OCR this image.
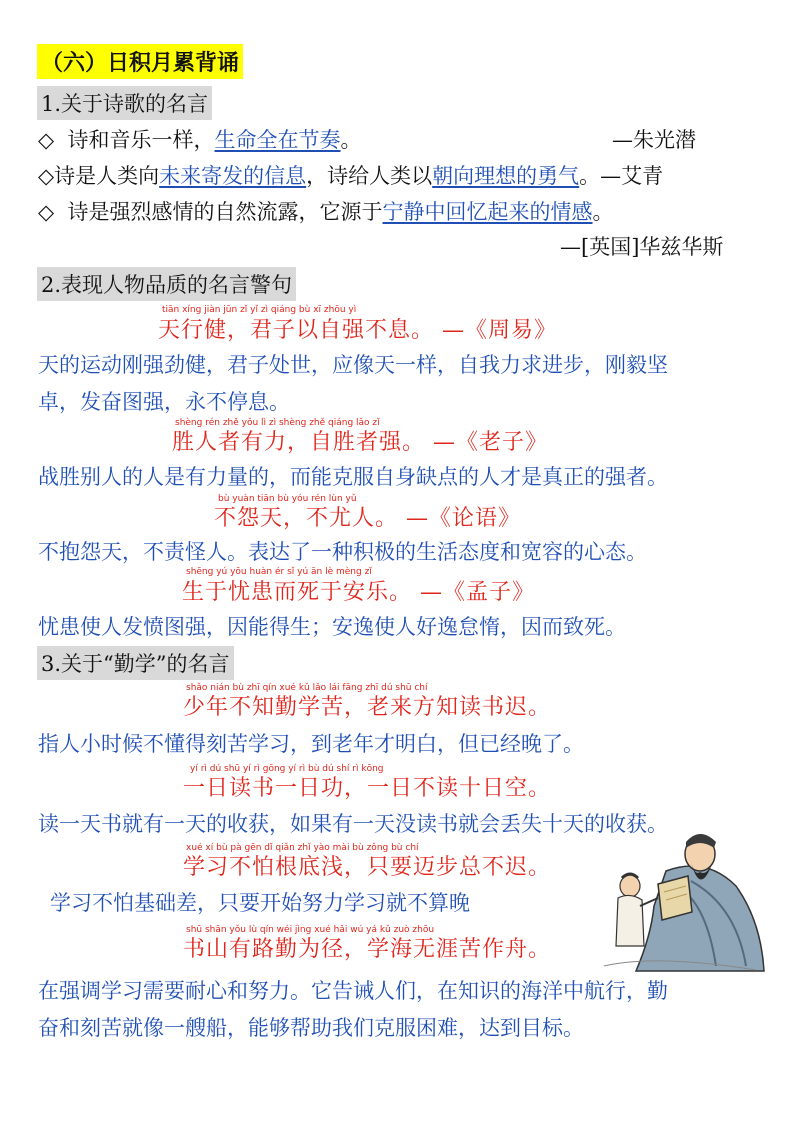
（六）日积月累背诵
1.关于诗歌的名言
◇ 诗和音乐一样，生命全在节奏。	—朱光潜
◇诗是人类向未来寄发的信息，诗给人类以朝向理想的勇气。—艾青
◇ 诗是强烈感情的自然流露，它源于宁静中回忆起来的情感。
—[英国]华兹华斯
2.表现人物品质的名言警句
tiān xíng jiàn jūn zǐ yǐ zì qiáng bù xī zhōu yì
天行健，君子以自强不息。 —《周易》
天的运动刚强劲健，君子处世，应像天一样，自我力求进步，刚毅坚
卓，发奋图强，永不停息。
shèng rén zhě yǒu lì zì shèng zhě qiáng lǎo zǐ
胜人者有力，自胜者强。 —《老子》
战胜别人的人是有力量的，而能克服自身缺点的人才是真正的强者。
bù yuàn tiān bù yóu rén lùn yǔ
不怨天，不尤人。 —《论语》
不抱怨天，不责怪人。表达了一种积极的生活态度和宽容的心态。
shēng yú yōu huàn ér sǐ yú ān lè mèng zǐ
生于忧患而死于安乐。 —《孟子》
忧患使人发愤图强，因能得生；安逸使人好逸怠惰，因而致死。
3.关于“勤学”的名言
shǎo nián bù zhī qín xué kǔ lǎo lái fāng zhī dú shū chí
少年不知勤学苦，老来方知读书迟。
指人小时候不懂得刻苦学习，到老年才明白，但已经晚了。
yí rì dú shū yí rì gōng yí rì bù dú shí rì kōng
一日读书一日功，一日不读十日空。
读一天书就有一天的收获，如果有一天没读书就会丢失十天的收获。
xué xí bù pà gēn dǐ qiǎn zhǐ yào mài bù zǒng bù chí
学习不怕根底浅，只要迈步总不迟。
学习不怕基础差，只要开始努力学习就不算晚
shū shān yǒu lù qín wéi jìng xué hǎi wú yá kǔ zuò zhōu
书山有路勤为径，学海无涯苦作舟。
在强调学习需要耐心和努力。它告诫人们，在知识的海洋中航行，勤
奋和刻苦就像一艘船，能够帮助我们克服困难，达到目标。
